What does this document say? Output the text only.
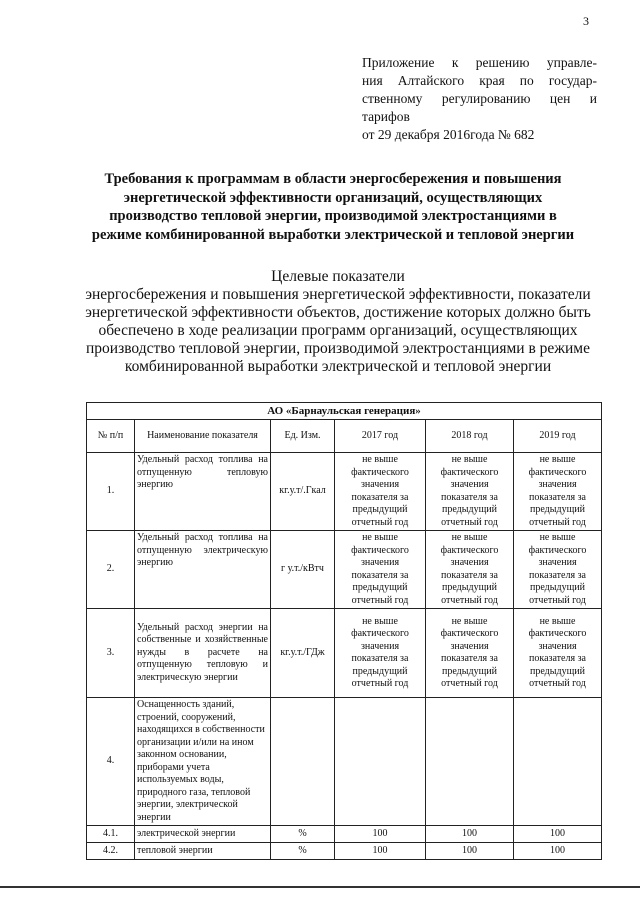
3
Приложение к решению управле-
ния Алтайского края по государ-
ственному регулированию цен и
тарифов
от 29 декабря 2016года № 682
Требования к программам в области энергосбережения и повышения энергетической эффективности организаций, осуществляющих производство тепловой энергии, производимой электростанциями в режиме комбинированной выработки электрической и тепловой энергии
Целевые показатели
энергосбережения и повышения энергетической эффективности, показатели энергетической эффективности объектов, достижение которых должно быть обеспечено в ходе реализации программ организаций, осуществляющих производство тепловой энергии, производимой электростанциями в режиме комбинированной выработки электрической и тепловой энергии
АО «Барнаульская генерация»					
№ п/п	Наименование показателя	Ед. Изм.	2017 год	2018 год	2019 год
1.	Удельный расход топлива на отпущенную тепловую энергию	кг.у.т/.Гкал	не выше фактического значения показателя за предыдущий отчетный год	не выше фактического значения показателя за предыдущий отчетный год	не выше фактического значения показателя за предыдущий отчетный год
2.	Удельный расход топлива на отпущенную электрическую энергию	г у.т./кВтч	не выше фактического значения показателя за предыдущий отчетный год	не выше фактического значения показателя за предыдущий отчетный год	не выше фактического значения показателя за предыдущий отчетный год
3.	Удельный расход энергии на собственные и хозяйственные нужды в расчете на отпущенную тепловую и электрическую энергии	кг.у.т./ГДж	не выше фактического значения показателя за предыдущий отчетный год	не выше фактического значения показателя за предыдущий отчетный год	не выше фактического значения показателя за предыдущий отчетный год
4.	Оснащенность зданий, строений, сооружений, находящихся в собственности организации и/или на ином законном основании, приборами учета используемых воды, природного газа, тепловой энергии, электрической энергии				
4.1.	электрической энергии	%	100	100	100
4.2.	тепловой энергии	%	100	100	100
